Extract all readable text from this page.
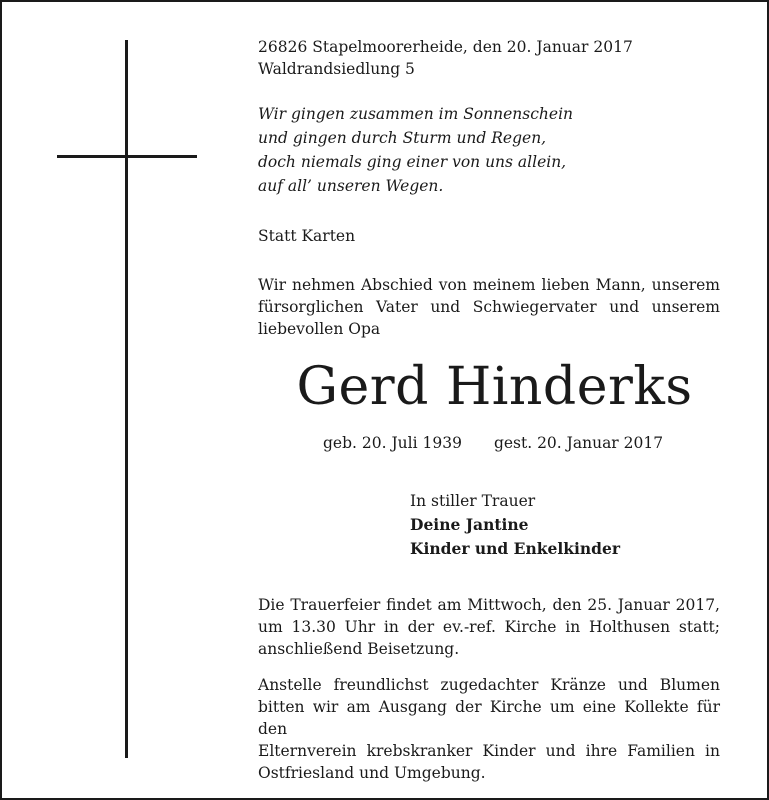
26826 Stapelmoorerheide, den 20. Januar 2017
Waldrandsiedlung 5
Wir gingen zusammen im Sonnenschein
und gingen durch Sturm und Regen,
doch niemals ging einer von uns allein,
auf all’ unseren Wegen.
Statt Karten
Wir nehmen Abschied von meinem lieben Mann, unserem
fürsorglichen Vater und Schwiegervater und unserem
liebevollen Opa
Gerd Hinderks
geb. 20. Juli 1939 gest. 20. Januar 2017
In stiller Trauer
Deine Jantine
Kinder und Enkelkinder
Die Trauerfeier findet am Mittwoch, den 25. Januar 2017,
um 13.30 Uhr in der ev.-ref. Kirche in Holthusen statt;
anschließend Beisetzung.
Anstelle freundlichst zugedachter Kränze und Blumen
bitten wir am Ausgang der Kirche um eine Kollekte für den
Elternverein krebskranker Kinder und ihre Familien in
Ostfriesland und Umgebung.
